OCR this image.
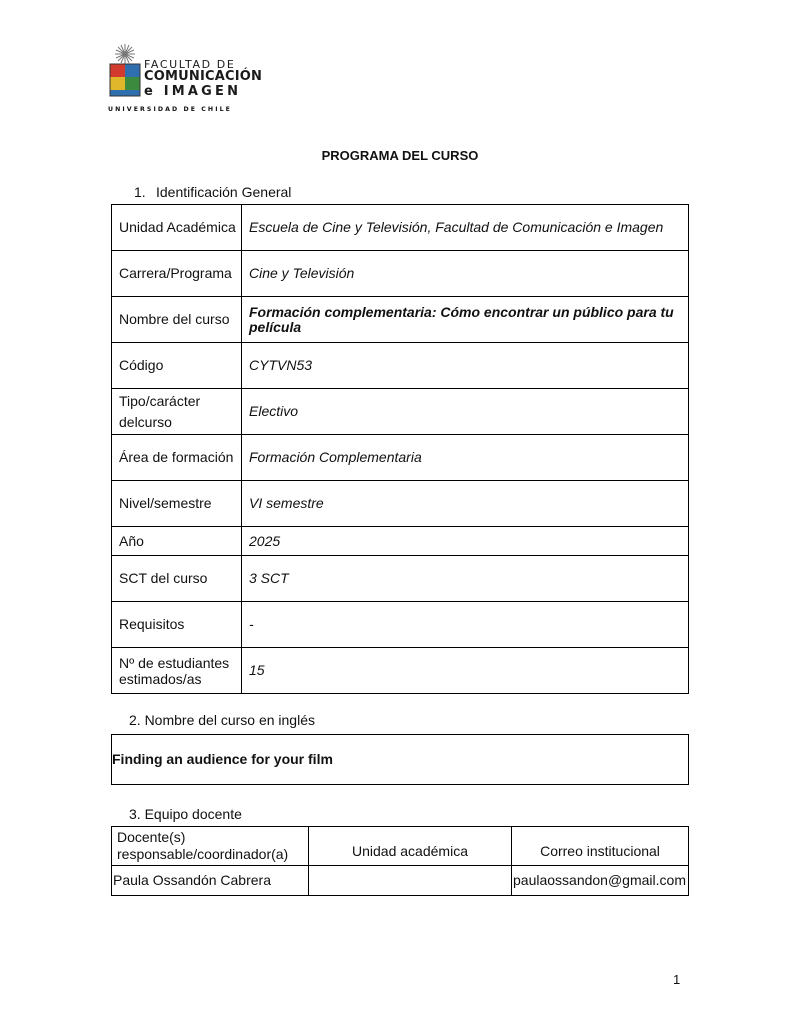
FACULTAD DE
COMUNICACIÓN
e IMAGEN
UNIVERSIDAD DE CHILE
PROGRAMA DEL CURSO
1. Identificación General
Unidad Académica	Escuela de Cine y Televisión, Facultad de Comunicación e Imagen
Carrera/Programa	Cine y Televisión
Nombre del curso	Formación complementaria: Cómo encontrar un público para tu película
Código	CYTVN53
Tipo/carácter delcurso	Electivo
Área de formación	Formación Complementaria
Nivel/semestre	VI semestre
Año	2025
SCT del curso	3 SCT
Requisitos	-
Nº de estudiantes estimados/as	15
2. Nombre del curso en inglés
Finding an audience for your film
3. Equipo docente
Docente(s) responsable/coordinador(a)	Unidad académica	Correo institucional
Paula Ossandón Cabrera		paulaossandon@gmail.com
1
